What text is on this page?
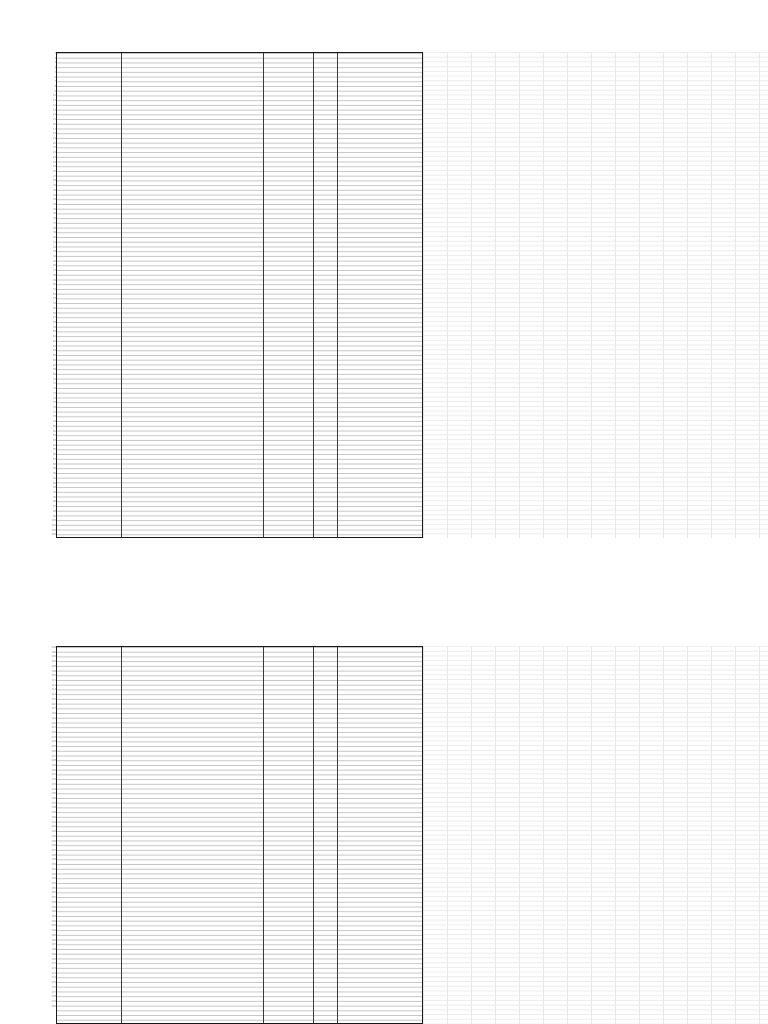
10
11
12
13
14
15
16
17
18
19
20
21
22
23
24
25
26
27
28
29
30
31
32
33
34
35
36
37
38
39
40
41
42
43
44
45
46
47
48
49
50
51
52
53
54
55
56
57
58
59
60
61
62
63
64
65
66
67
68
69
70
71
72
73
74
75
76
77
78
79
80
81
82
83
84
85
86
87
88
89
90
91
92
93
94
95
96
97
98
99
100
101
102
103
104
105
106
107
108
109
110
111
112
113
114
115
116
117
118
119
120
121
122
123
124
125
126
127
128
129
130
131
132
133
134
135
136
137
138
139
140
141
142
143
144
145
146
147
148
149
150
151
152
153
154
155
156
157
158
159
160
161
162
163
164
165
166
167
168
169
170
171
172
173
174
175
176
177
178
179
180
